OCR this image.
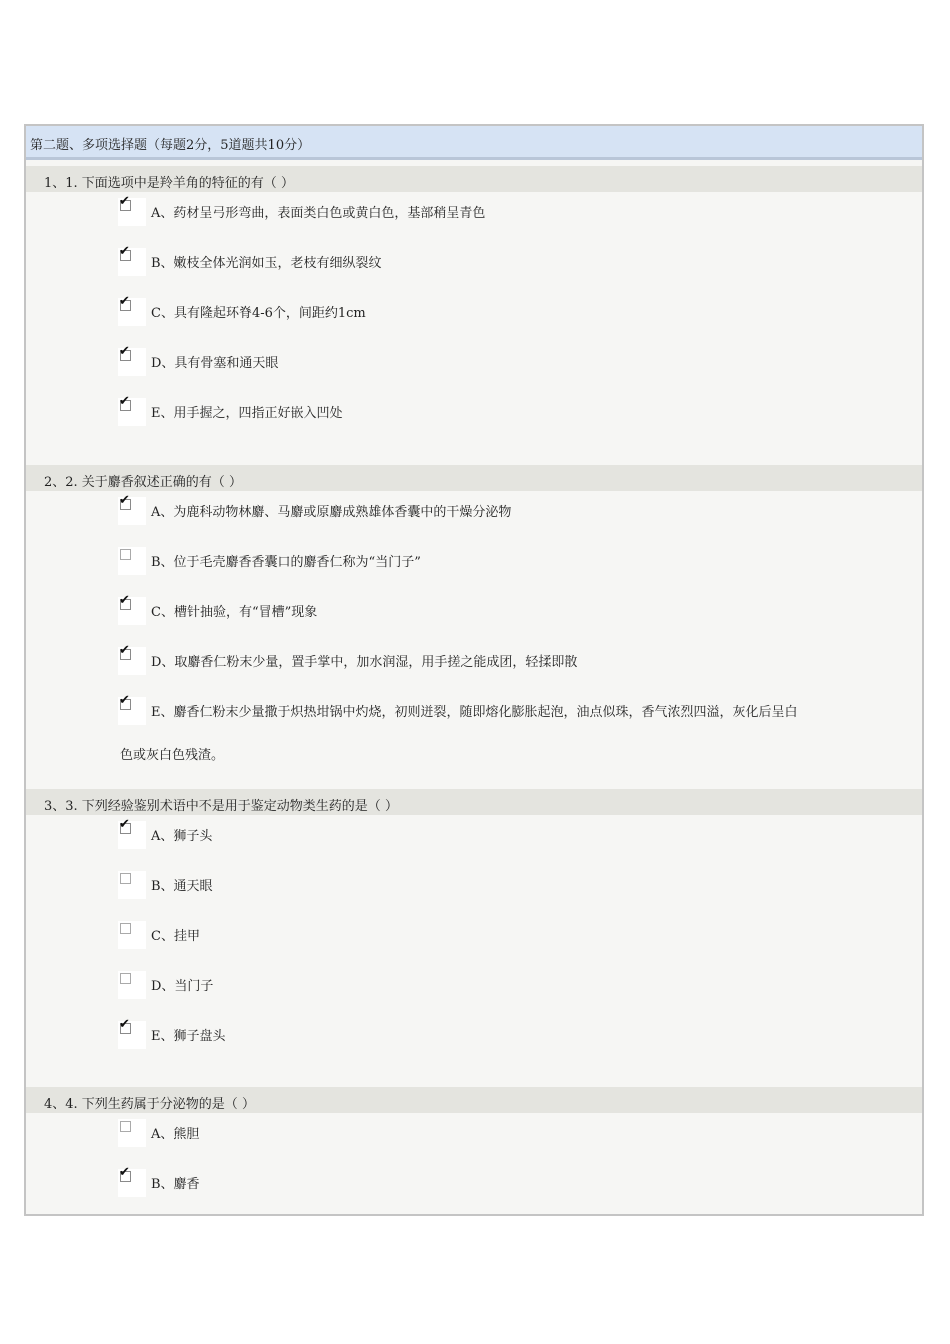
第二题、多项选择题（每题2分，5道题共10分）
1、1. 下面选项中是羚羊角的特征的有（ ）
✔
A、药材呈弓形弯曲，表面类白色或黄白色，基部稍呈青色
✔
B、嫩枝全体光润如玉，老枝有细纵裂纹
✔
C、具有隆起环脊4-6个，间距约1cm
✔
D、具有骨塞和通天眼
✔
E、用手握之，四指正好嵌入凹处
2、2. 关于麝香叙述正确的有（ ）
✔
A、为鹿科动物林麝、马麝或原麝成熟雄体香囊中的干燥分泌物
B、位于毛壳麝香香囊口的麝香仁称为“当门子”
✔
C、槽针抽验，有“冒槽”现象
✔
D、取麝香仁粉末少量，置手掌中，加水润湿，用手搓之能成团，轻揉即散
✔
E、麝香仁粉末少量撒于炽热坩锅中灼烧，初则迸裂，随即熔化膨胀起泡，油点似珠，香气浓烈四溢，灰化后呈白
色或灰白色残渣。
3、3. 下列经验鉴别术语中不是用于鉴定动物类生药的是（ ）
✔
A、狮子头
B、通天眼
C、挂甲
D、当门子
✔
E、狮子盘头
4、4. 下列生药属于分泌物的是（ ）
A、熊胆
✔
B、麝香
